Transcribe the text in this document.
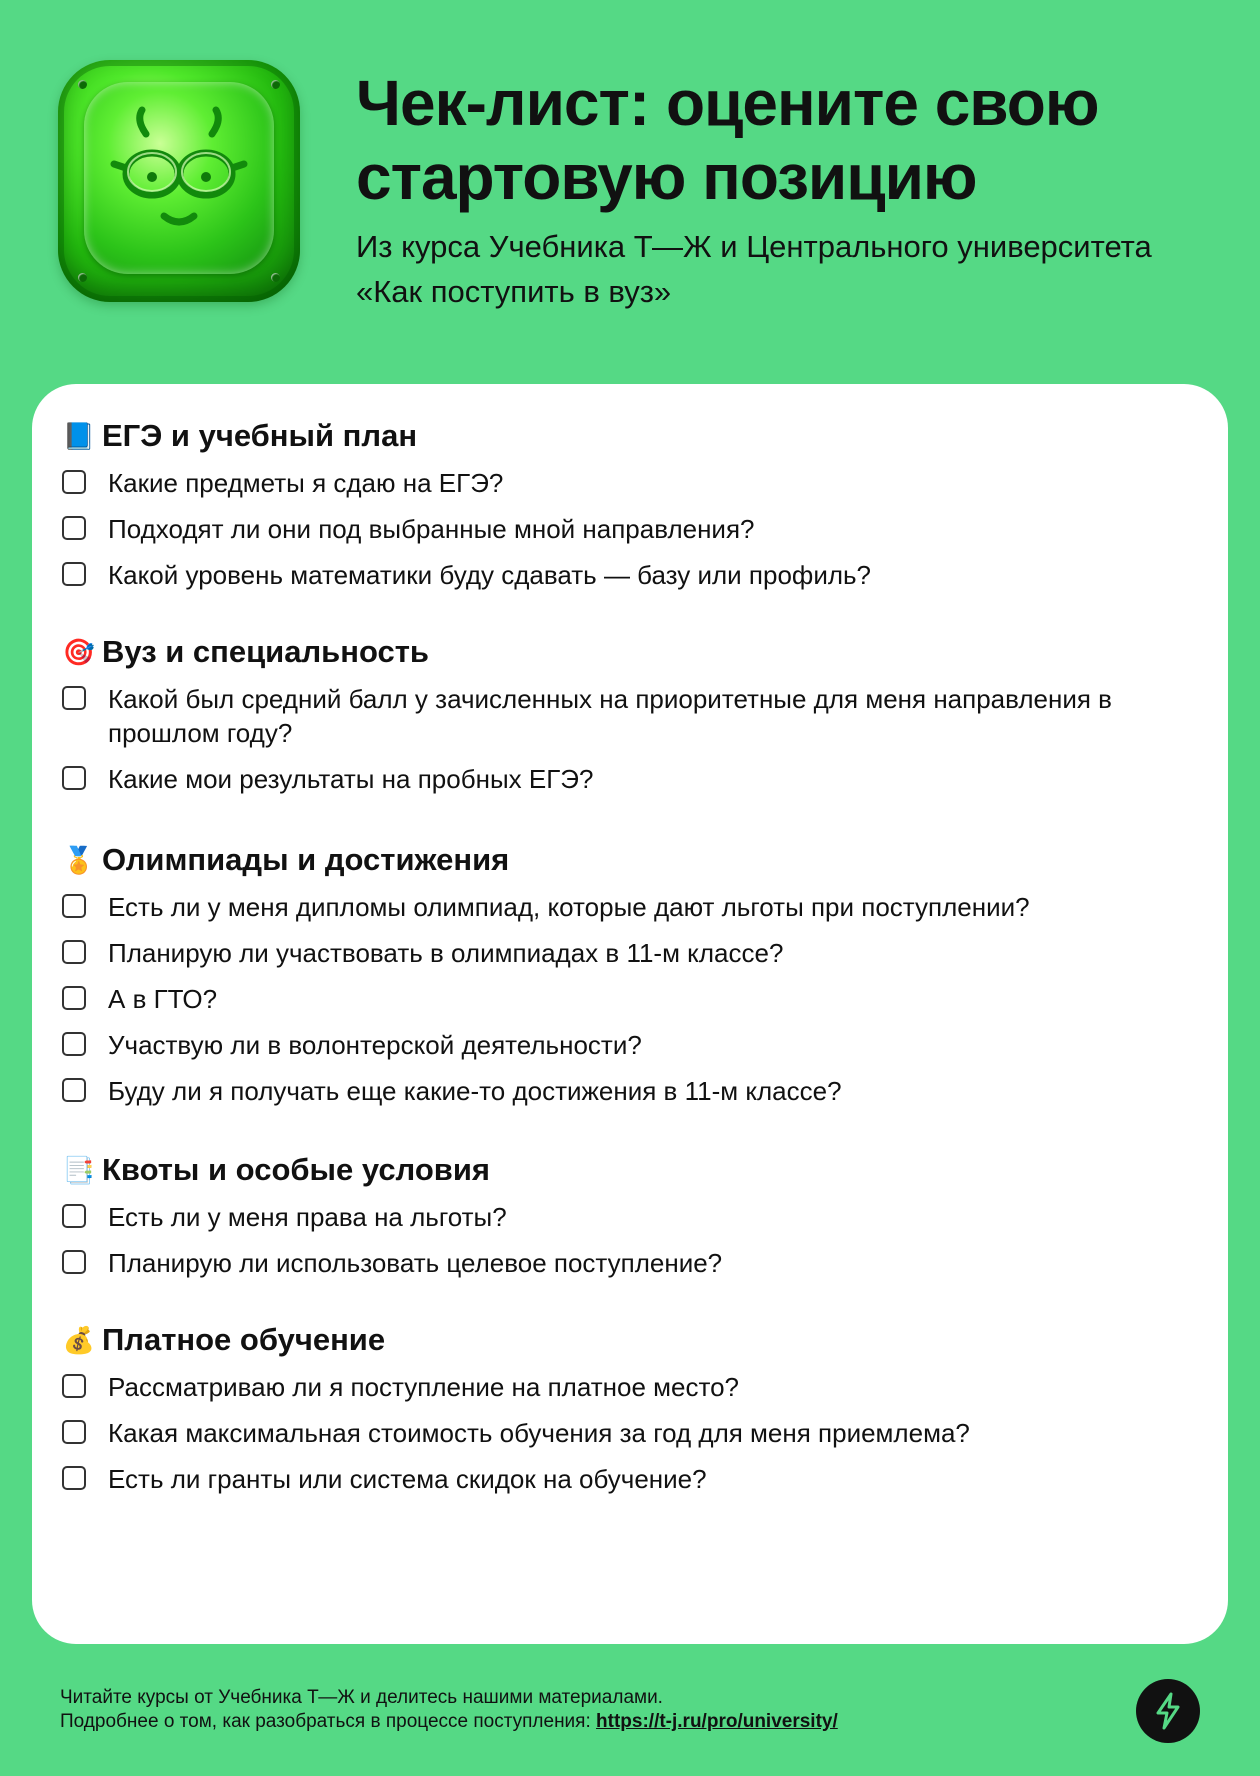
Чек-лист: оцените свою стартовую позицию

Из курса Учебника Т—Ж и Центрального университета «Как поступить в вуз»

📘 ЕГЭ и учебный план
Какие предметы я сдаю на ЕГЭ?
Подходят ли они под выбранные мной направления?
Какой уровень математики буду сдавать — базу или профиль?
🎯 Вуз и специальность
Какой был средний балл у зачисленных на приоритетные для меня направления в прошлом году?
Какие мои результаты на пробных ЕГЭ?
🏅 Олимпиады и достижения
Есть ли у меня дипломы олимпиад, которые дают льготы при поступлении?
Планирую ли участвовать в олимпиадах в 11-м классе?
А в ГТО?
Участвую ли в волонтерской деятельности?
Буду ли я получать еще какие-то достижения в 11-м классе?
📑 Квоты и особые условия
Есть ли у меня права на льготы?
Планирую ли использовать целевое поступление?
💰 Платное обучение
Рассматриваю ли я поступление на платное место?
Какая максимальная стоимость обучения за год для меня приемлема?
Есть ли гранты или система скидок на обучение?
Читайте курсы от Учебника Т—Ж и делитесь нашими материалами.
Подробнее о том, как разобраться в процессе поступления: https://t-j.ru/pro/university/
